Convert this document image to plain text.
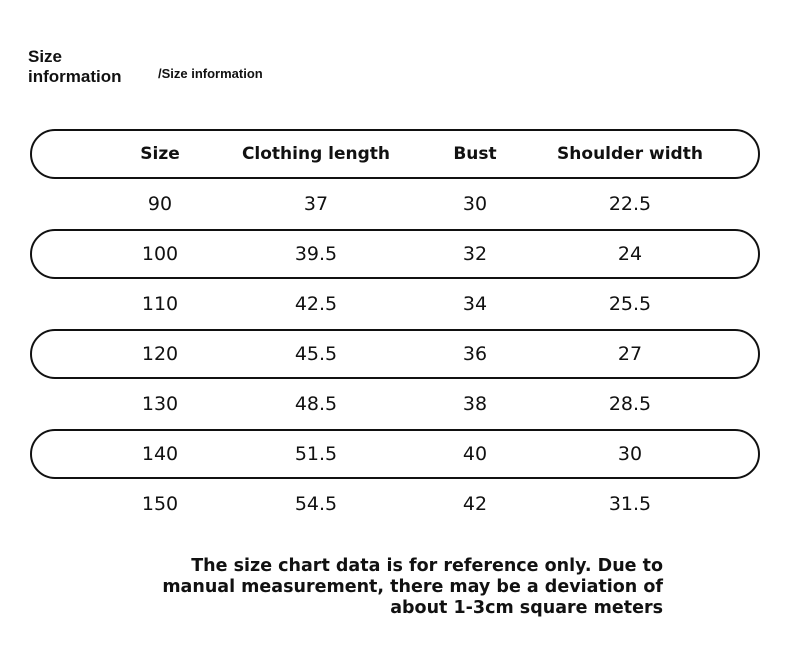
Size information	/Size information
Size	Clothing length	Bust	Shoulder width
90	37	30	22.5
100	39.5	32	24
110	42.5	34	25.5
120	45.5	36	27
130	48.5	38	28.5
140	51.5	40	30
150	54.5	42	31.5
The size chart data is for reference only. Due to manual measurement, there may be a deviation of about 1-3cm square meters
